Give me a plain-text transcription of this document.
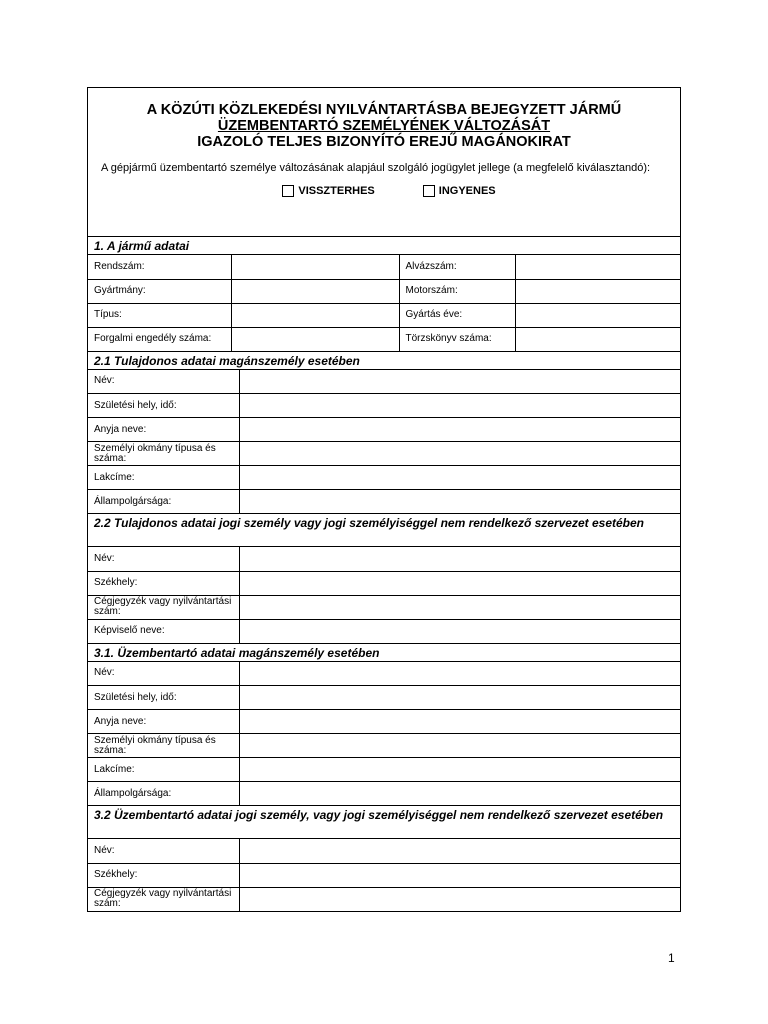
A KÖZÚTI KÖZLEKEDÉSI NYILVÁNTARTÁSBA BEJEGYZETT JÁRMŰ
ÜZEMBENTARTÓ SZEMÉLYÉNEK VÁLTOZÁSÁT
IGAZOLÓ TELJES BIZONYÍTÓ EREJŰ MAGÁNOKIRAT
A gépjármű üzembentartó személye változásának alapjául szolgáló jogügylet jellege (a megfelelő kiválasztandó):
VISSZTERHES	INGYENES
1. A jármű adatai
Rendszám:		Alvázszám:	
Gyártmány:		Motorszám:	
Típus:		Gyártás éve:	
Forgalmi engedély száma:		Törzskönyv száma:	
2.1 Tulajdonos adatai magánszemély esetében
Név:	
Születési hely, idő:	
Anyja neve:	
Személyi okmány típusa és száma:	
Lakcíme:	
Állampolgársága:	
2.2 Tulajdonos adatai jogi személy vagy jogi személyiséggel nem rendelkező szervezet esetében
Név:	
Székhely:	
Cégjegyzék vagy nyilvántartási szám:	
Képviselő neve:	
3.1. Üzembentartó adatai magánszemély esetében
Név:	
Születési hely, idő:	
Anyja neve:	
Személyi okmány típusa és száma:	
Lakcíme:	
Állampolgársága:	
3.2 Üzembentartó adatai jogi személy, vagy jogi személyiséggel nem rendelkező szervezet esetében
Név:	
Székhely:	
Cégjegyzék vagy nyilvántartási szám:	
1
